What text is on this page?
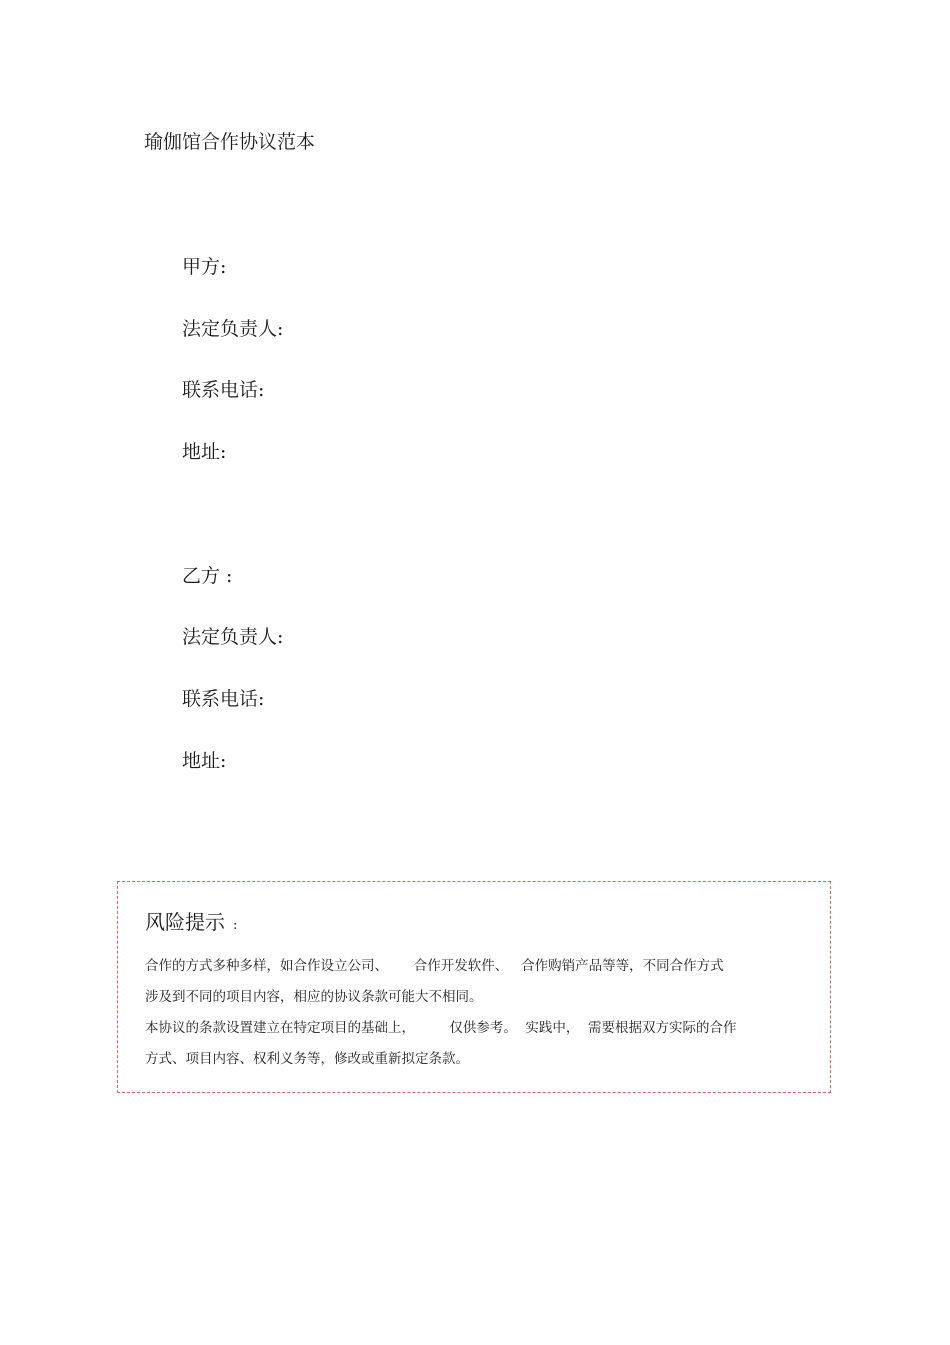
瑜伽馆合作协议范本
甲方:
法定负责人:
联系电话:
地址:
乙方 :
法定负责人:
联系电话:
地址:
风险提示 :
合作的方式多种多样，如合作设立公司、      合作开发软件、   合作购销产品等等，不同合作方式
涉及到不同的项目内容，相应的协议条款可能大不相同。
本协议的条款设置建立在特定项目的基础上，        仅供参考。  实践中，  需要根据双方实际的合作
方式、项目内容、权利义务等，修改或重新拟定条款。
